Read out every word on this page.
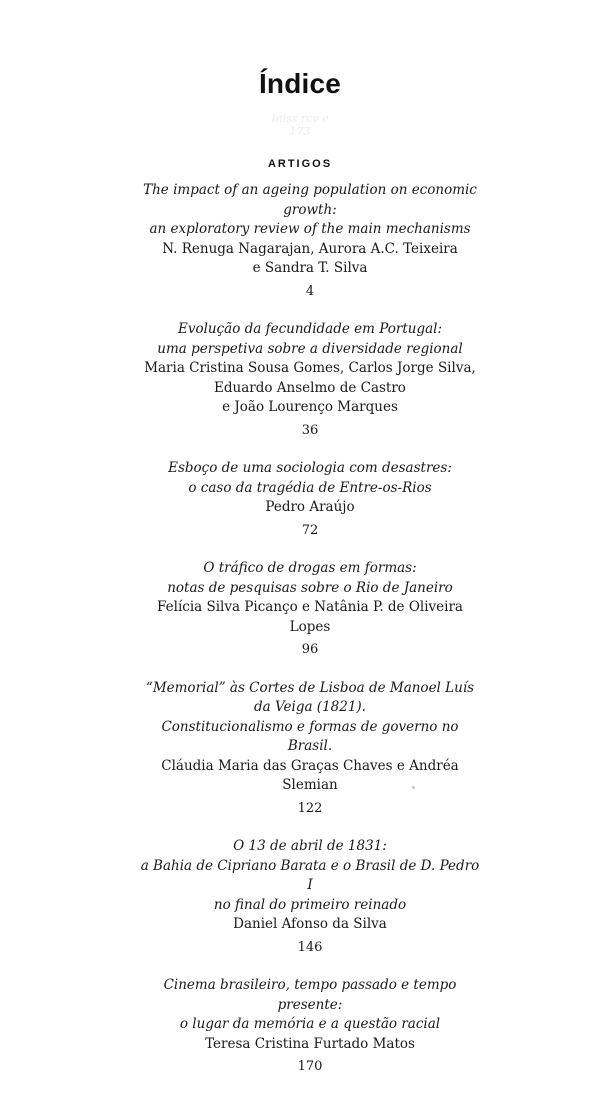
Índice
Iniss rcv e
173
ARTIGOS
The impact of an ageing population on economic growth:
an exploratory review of the main mechanisms
N. Renuga Nagarajan, Aurora A.C. Teixeira
e Sandra T. Silva
4
Evolução da fecundidade em Portugal:
uma perspetiva sobre a diversidade regional
Maria Cristina Sousa Gomes, Carlos Jorge Silva,
Eduardo Anselmo de Castro
e João Lourenço Marques
36
Esboço de uma sociologia com desastres:
o caso da tragédia de Entre-os-Rios
Pedro Araújo
72
O tráfico de drogas em formas:
notas de pesquisas sobre o Rio de Janeiro
Felícia Silva Picanço e Natânia P. de Oliveira Lopes
96
“Memorial” às Cortes de Lisboa de Manoel Luís da Veiga (1821).
Constitucionalismo e formas de governo no Brasil.
Cláudia Maria das Graças Chaves e Andréa Slemian
122
O 13 de abril de 1831:
a Bahia de Cipriano Barata e o Brasil de D. Pedro I
no final do primeiro reinado
Daniel Afonso da Silva
146
Cinema brasileiro, tempo passado e tempo presente:
o lugar da memória e a questão racial
Teresa Cristina Furtado Matos
170
